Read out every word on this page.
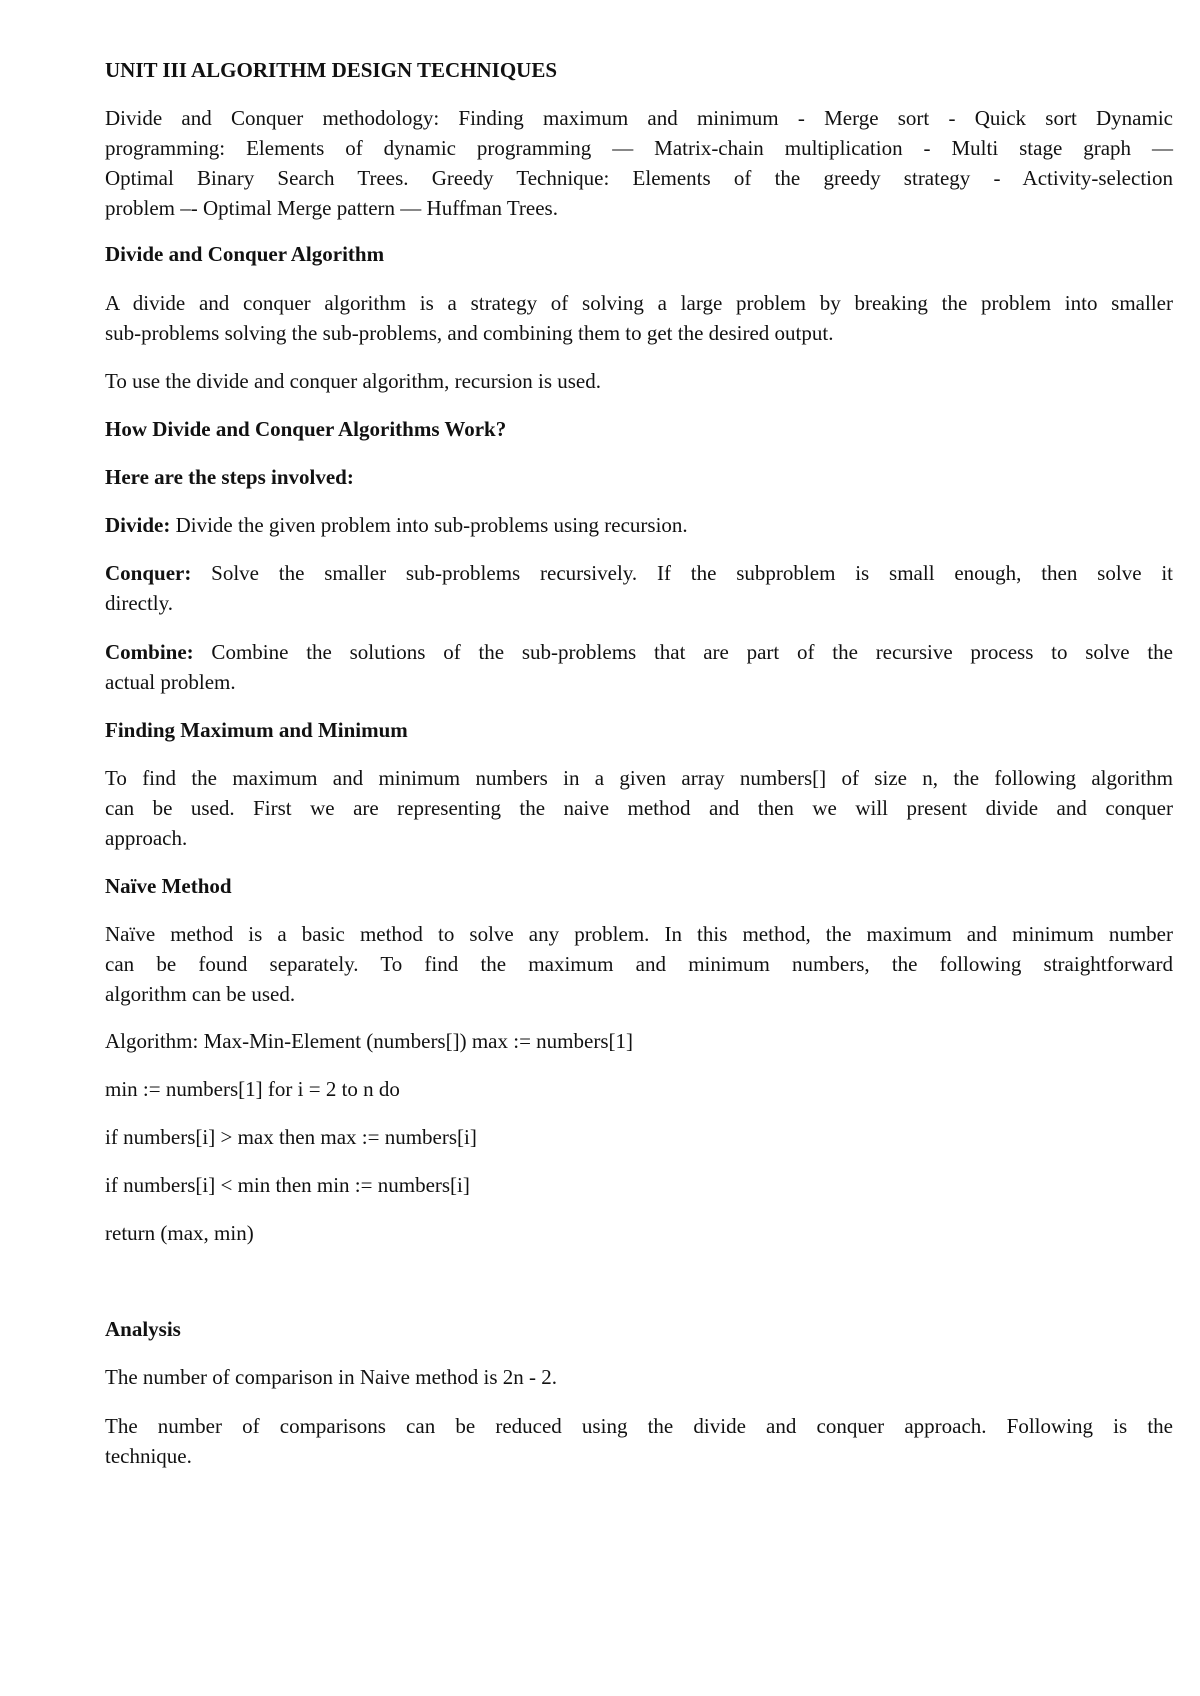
UNIT III ALGORITHM DESIGN TECHNIQUES
Divide and Conquer methodology: Finding maximum and minimum - Merge sort - Quick sort Dynamic
programming: Elements of dynamic programming — Matrix-chain multiplication - Multi stage graph —
Optimal Binary Search Trees. Greedy Technique: Elements of the greedy strategy - Activity-selection
problem –- Optimal Merge pattern — Huffman Trees.
Divide and Conquer Algorithm
A divide and conquer algorithm is a strategy of solving a large problem by breaking the problem into smaller
sub-problems solving the sub-problems, and combining them to get the desired output.
To use the divide and conquer algorithm, recursion is used.
How Divide and Conquer Algorithms Work?
Here are the steps involved:
Divide: Divide the given problem into sub-problems using recursion.
Conquer: Solve the smaller sub-problems recursively. If the subproblem is small enough, then solve it
directly.
Combine: Combine the solutions of the sub-problems that are part of the recursive process to solve the
actual problem.
Finding Maximum and Minimum
To find the maximum and minimum numbers in a given array numbers[] of size n, the following algorithm
can be used. First we are representing the naive method and then we will present divide and conquer
approach.
Naïve Method
Naïve method is a basic method to solve any problem. In this method, the maximum and minimum number
can be found separately. To find the maximum and minimum numbers, the following straightforward
algorithm can be used.
Algorithm: Max-Min-Element (numbers[]) max := numbers[1]
min := numbers[1] for i = 2 to n do
if numbers[i] > max then max := numbers[i]
if numbers[i] < min then min := numbers[i]
return (max, min)
Analysis
The number of comparison in Naive method is 2n - 2.
The number of comparisons can be reduced using the divide and conquer approach. Following is the
technique.
